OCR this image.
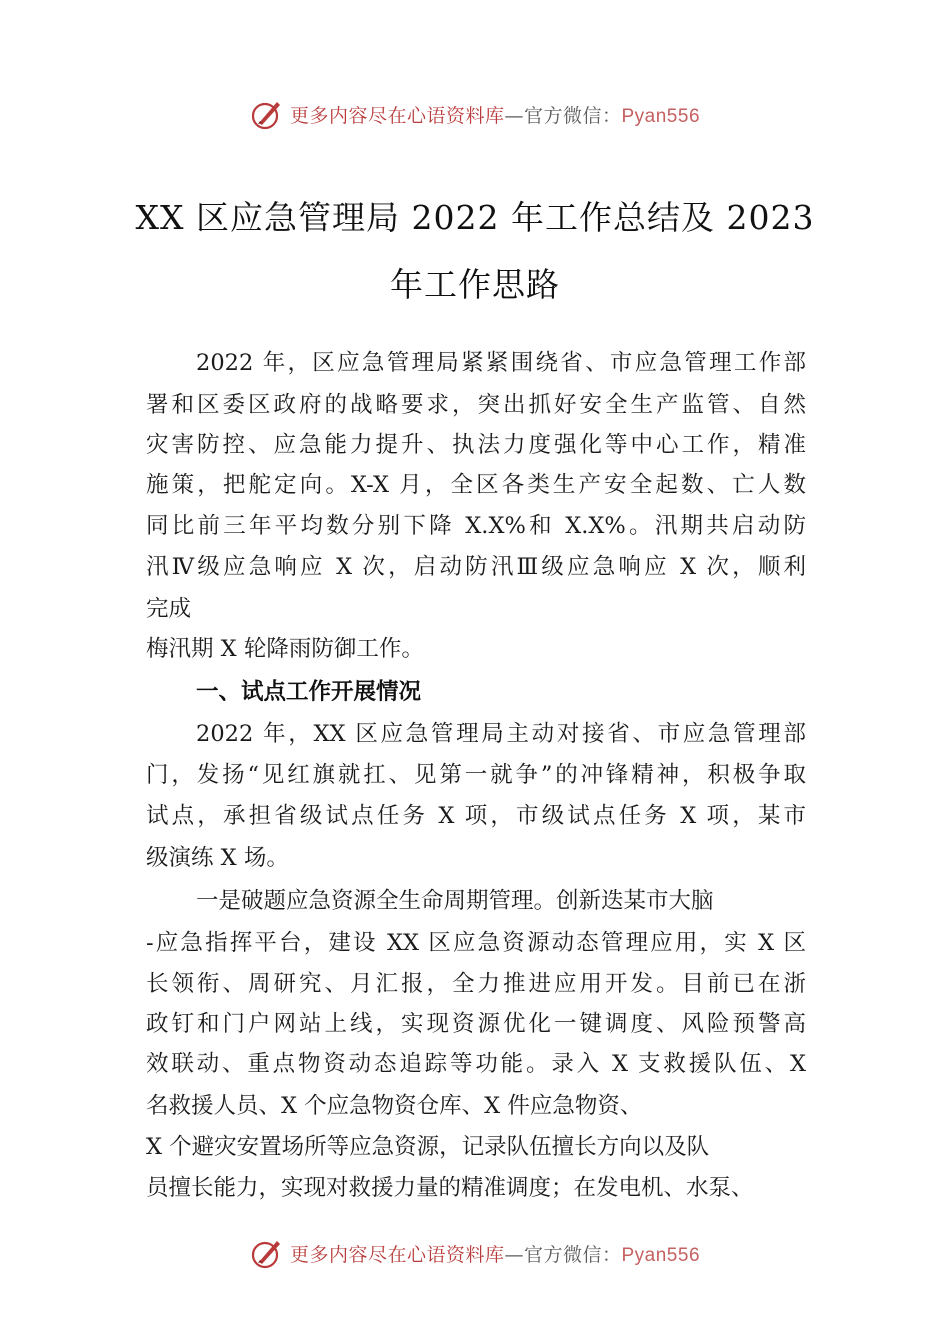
更多内容尽在心语资料库—官方微信：Pyan556
XX 区应急管理局 2022 年工作总结及 2023
年工作思路
2022 年，区应急管理局紧紧围绕省、市应急管理工作部
署和区委区政府的战略要求，突出抓好安全生产监管、自然
灾害防控、应急能力提升、执法力度强化等中心工作，精准
施策，把舵定向。X-X 月，全区各类生产安全起数、亡人数
同比前三年平均数分别下降 X.X%和 X.X%。汛期共启动防
汛Ⅳ级应急响应 X 次，启动防汛Ⅲ级应急响应 X 次，顺利
完成
梅汛期 X 轮降雨防御工作。
一、试点工作开展情况
2022 年，XX 区应急管理局主动对接省、市应急管理部
门，发扬“见红旗就扛、见第一就争”的冲锋精神，积极争取
试点，承担省级试点任务 X 项，市级试点任务 X 项，某市
级演练 X 场。
一是破题应急资源全生命周期管理。创新迭某市大脑
-应急指挥平台，建设 XX 区应急资源动态管理应用，实 X 区
长领衔、周研究、月汇报，全力推进应用开发。目前已在浙
政钉和门户网站上线，实现资源优化一键调度、风险预警高
效联动、重点物资动态追踪等功能。录入 X 支救援队伍、X
名救援人员、X 个应急物资仓库、X 件应急物资、
X 个避灾安置场所等应急资源，记录队伍擅长方向以及队
员擅长能力，实现对救援力量的精准调度；在发电机、水泵、
更多内容尽在心语资料库—官方微信：Pyan556
